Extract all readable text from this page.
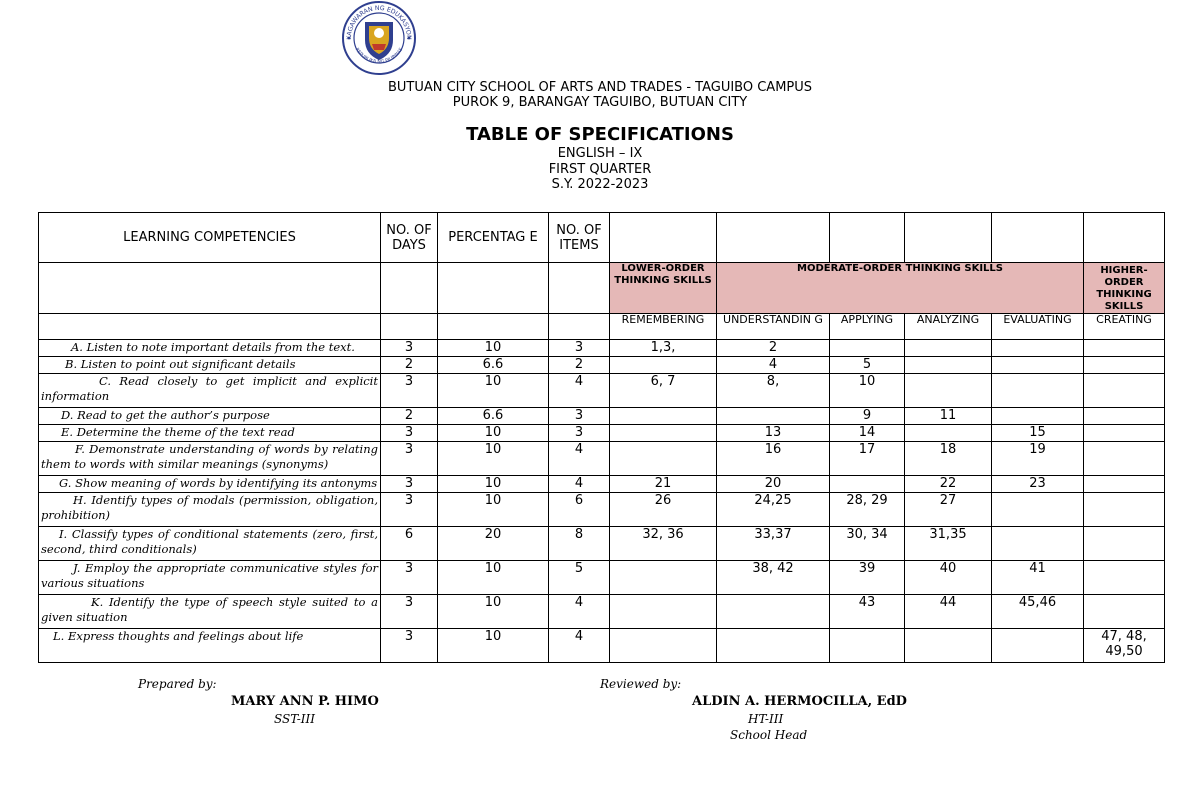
KAGAWARAN NG EDUKASYON
REPUBLIKA NG PILIPINAS
BUTUAN CITY SCHOOL OF ARTS AND TRADES - TAGUIBO CAMPUS
PUROK 9, BARANGAY TAGUIBO, BUTUAN CITY
TABLE OF SPECIFICATIONS
ENGLISH – IX
FIRST QUARTER
S.Y. 2022-2023
LEARNING COMPETENCIES	NO. OF DAYS	PERCENTAG E	NO. OF ITEMS						
				LOWER-ORDER THINKING SKILLS	MODERATE-ORDER THINKING SKILLS				HIGHER-ORDER THINKING SKILLS
				REMEMBERING	UNDERSTANDIN G	APPLYING	ANALYZING	EVALUATING	CREATING
A. Listen to note important details from the text.	3	10	3	1,3,	2				
B. Listen to point out significant details	2	6.6	2		4	5			
C. Read closely to get implicit and explicit information	3	10	4	6, 7	8,	10			
D. Read to get the author’s purpose	2	6.6	3			9	11		
E. Determine the theme of the text read	3	10	3		13	14		15	
F. Demonstrate understanding of words by relating them to words with similar meanings (synonyms)	3	10	4		16	17	18	19	
G. Show meaning of words by identifying its antonyms	3	10	4	21	20		22	23	
H. Identify types of modals (permission, obligation, prohibition)	3	10	6	26	24,25	28, 29	27		
I. Classify types of conditional statements (zero, first, second, third conditionals)	6	20	8	32, 36	33,37	30, 34	31,35		
J. Employ the appropriate communicative styles for various situations	3	10	5		38, 42	39	40	41	
K. Identify the type of speech style suited to a given situation	3	10	4			43	44	45,46	
L. Express thoughts and feelings about life	3	10	4						47, 48, 49,50
Prepared by:
MARY ANN P. HIMO
SST-III
Reviewed by:
ALDIN A. HERMOCILLA, EdD
HT-III
School Head
